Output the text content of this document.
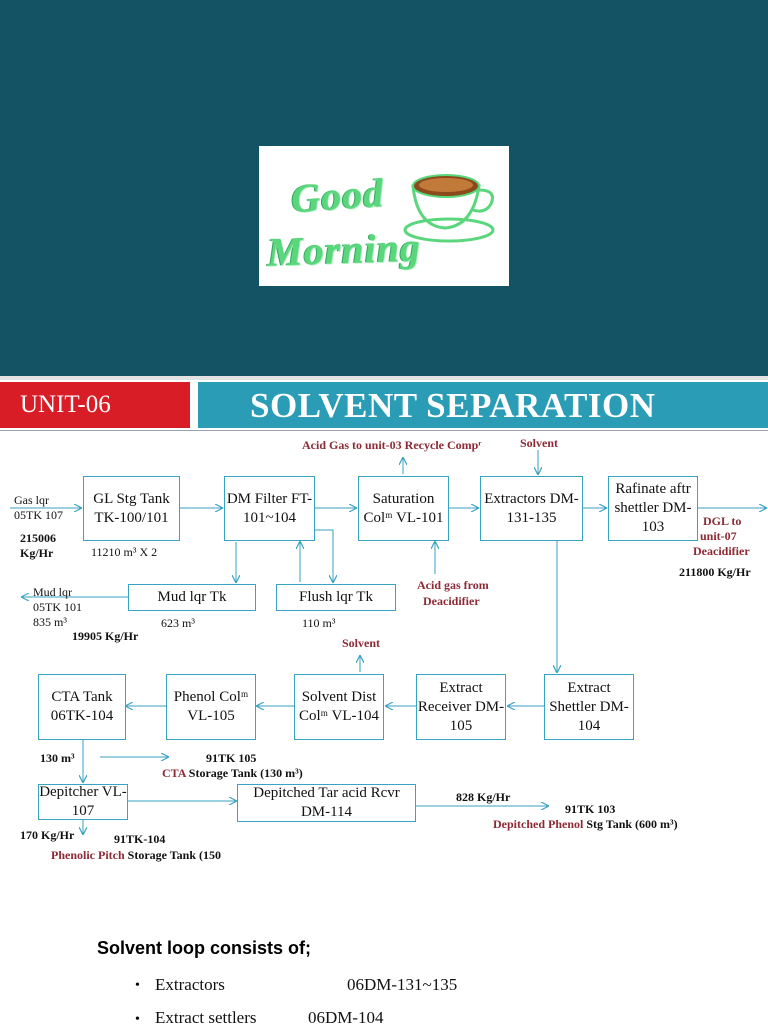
Good
Morning
UNIT-06	SOLVENT SEPARATION
GL Stg Tank TK-100/101
DM Filter FT-101~104
Saturation Colᵐ VL-101
Extractors DM-131-135
Rafinate aftr shettler DM-103
Mud lqr Tk	Flush lqr Tk
CTA Tank 06TK-104
Phenol Colᵐ VL-105
Solvent Dist Colᵐ VL-104
Extract Receiver DM-105
Extract Shettler DM-104
Depitcher VL-107
Depitched Tar acid Rcvr DM-114
Acid Gas to unit-03 Recycle Compʳ	Solvent
Gas lqr
05TK 107
215006
Kg/Hr	11210 m³ X 2
DGL to
unit-07
Deacidifier
211800 Kg/Hr
Acid gas from
Deacidifier
Mud lqr
05TK 101
835 m³
19905 Kg/Hr
623 m³	110 m³
Solvent
130 m³	91TK 105
CTA Storage Tank (130 m³)
828 Kg/Hr
91TK 103
Depitched Phenol Stg Tank (600 m³)
170 Kg/Hr	91TK-104
Phenolic Pitch Storage Tank (150
Solvent loop consists of;
• Extractors	06DM-131~135
• Extract settlers	06DM-104
